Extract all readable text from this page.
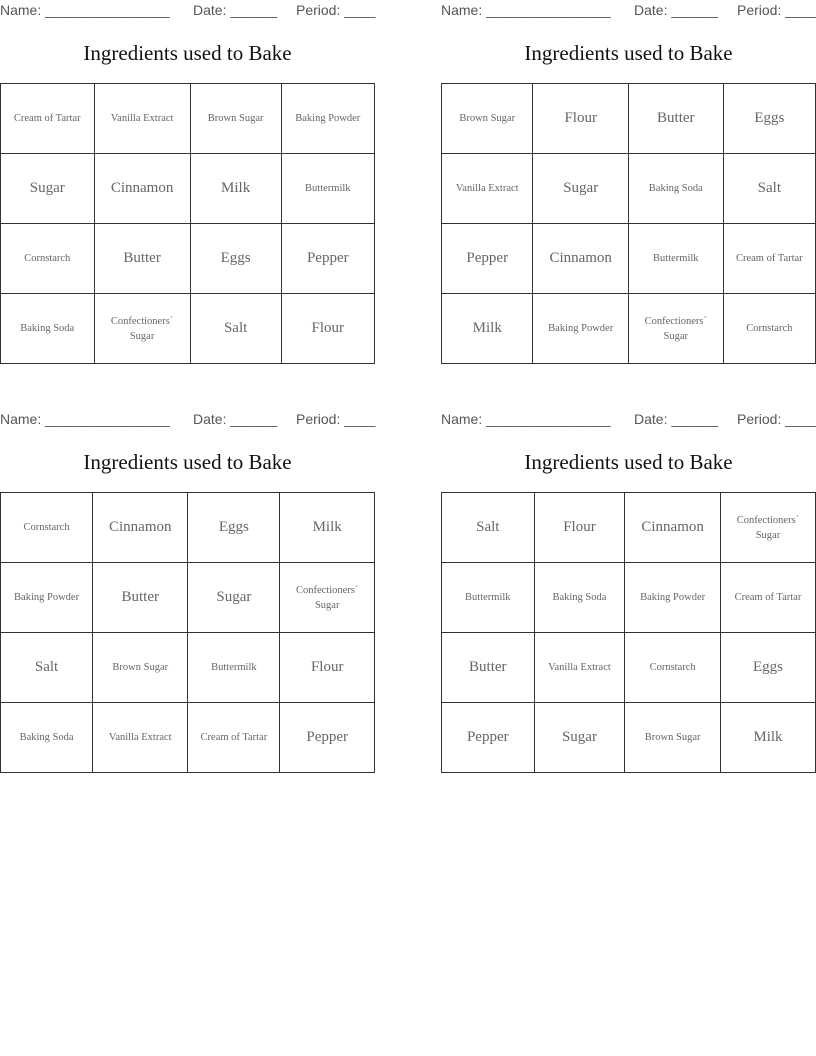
Name: ________________ Date: ______ Period: ____
Ingredients used to Bake
Cream of Tartar	Vanilla Extract	Brown Sugar	Baking Powder
Sugar	Cinnamon	Milk	Buttermilk
Cornstarch	Butter	Eggs	Pepper
Baking Soda	Confectioners´ Sugar	Salt	Flour
Name: ________________ Date: ______ Period: ____
Ingredients used to Bake
Brown Sugar	Flour	Butter	Eggs
Vanilla Extract	Sugar	Baking Soda	Salt
Pepper	Cinnamon	Buttermilk	Cream of Tartar
Milk	Baking Powder	Confectioners´ Sugar	Cornstarch
Name: ________________ Date: ______ Period: ____
Ingredients used to Bake
Cornstarch	Cinnamon	Eggs	Milk
Baking Powder	Butter	Sugar	Confectioners´ Sugar
Salt	Brown Sugar	Buttermilk	Flour
Baking Soda	Vanilla Extract	Cream of Tartar	Pepper
Name: ________________ Date: ______ Period: ____
Ingredients used to Bake
Salt	Flour	Cinnamon	Confectioners´ Sugar
Buttermilk	Baking Soda	Baking Powder	Cream of Tartar
Butter	Vanilla Extract	Cornstarch	Eggs
Pepper	Sugar	Brown Sugar	Milk
